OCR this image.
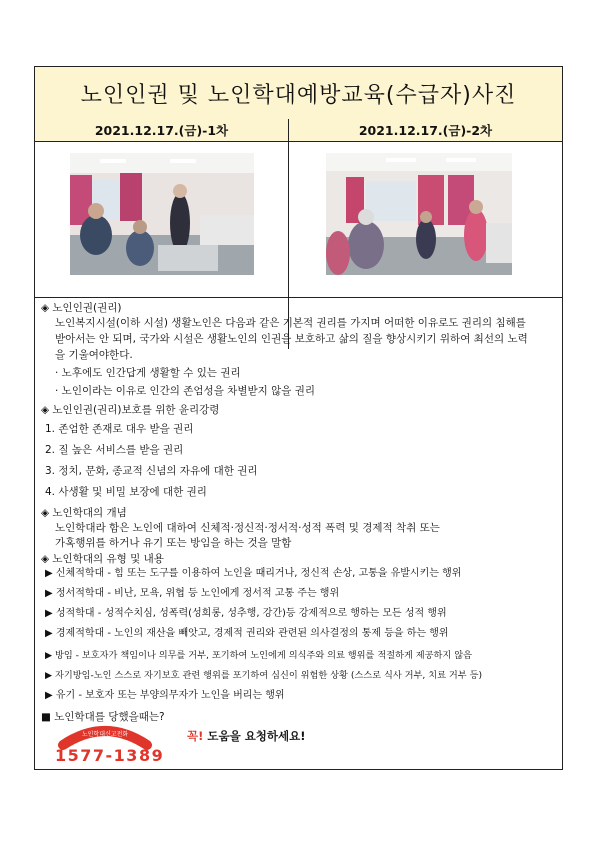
노인인권 및 노인학대예방교육(수급자)사진
2021.12.17.(금)-1차	2021.12.17.(금)-2차
◈ 노인인권(권리)
노인복지시설(이하 시설) 생활노인은 다음과 같은 기본적 권리를 가지며 어떠한 이유로도 권리의 침해를
받아서는 안 되며, 국가와 시설은 생활노인의 인권을 보호하고 삶의 질을 향상시키기 위하여 최선의 노력
을 기울여야한다.
· 노후에도 인간답게 생활할 수 있는 권리
· 노인이라는 이유로 인간의 존엄성을 차별받지 않을 권리
◈ 노인인권(권리)보호를 위한 윤리강령
1. 존엄한 존재로 대우 받을 권리
2. 질 높은 서비스를 받을 권리
3. 정치, 문화, 종교적 신념의 자유에 대한 권리
4. 사생활 및 비밀 보장에 대한 권리
◈ 노인학대의 개념
노인학대라 함은 노인에 대하여 신체적·정신적·정서적·성적 폭력 및 경제적 착취 또는
가혹행위를 하거나 유기 또는 방임을 하는 것을 말함
◈ 노인학대의 유형 및 내용
▶ 신체적학대 - 힘 또는 도구를 이용하여 노인을 때리거나, 정신적 손상, 고통을 유발시키는 행위
▶ 정서적학대 - 비난, 모욕, 위협 등 노인에게 정서적 고통 주는 행위
▶ 성적학대 - 성적수치심, 성폭력(성희롱, 성추행, 강간)등 강제적으로 행하는 모든 성적 행위
▶ 경제적학대 - 노인의 재산을 빼앗고, 경제적 권리와 관련된 의사결정의 통제 등을 하는 행위
▶ 방임 - 보호자가 책임이나 의무를 거부, 포기하여 노인에게 의식주와 의료 행위를 적절하게 제공하지 않음
▶ 자기방임-노인 스스로 자기보호 관련 행위를 포기하여 심신이 위험한 상황 (스스로 식사 거부, 치료 거부 등)
▶ 유기 - 보호자 또는 부양의무자가 노인을 버리는 행위
■ 노인학대를 당했을때는?
노인학대신고전화
1577-1389
꼭! 도움을 요청하세요!
